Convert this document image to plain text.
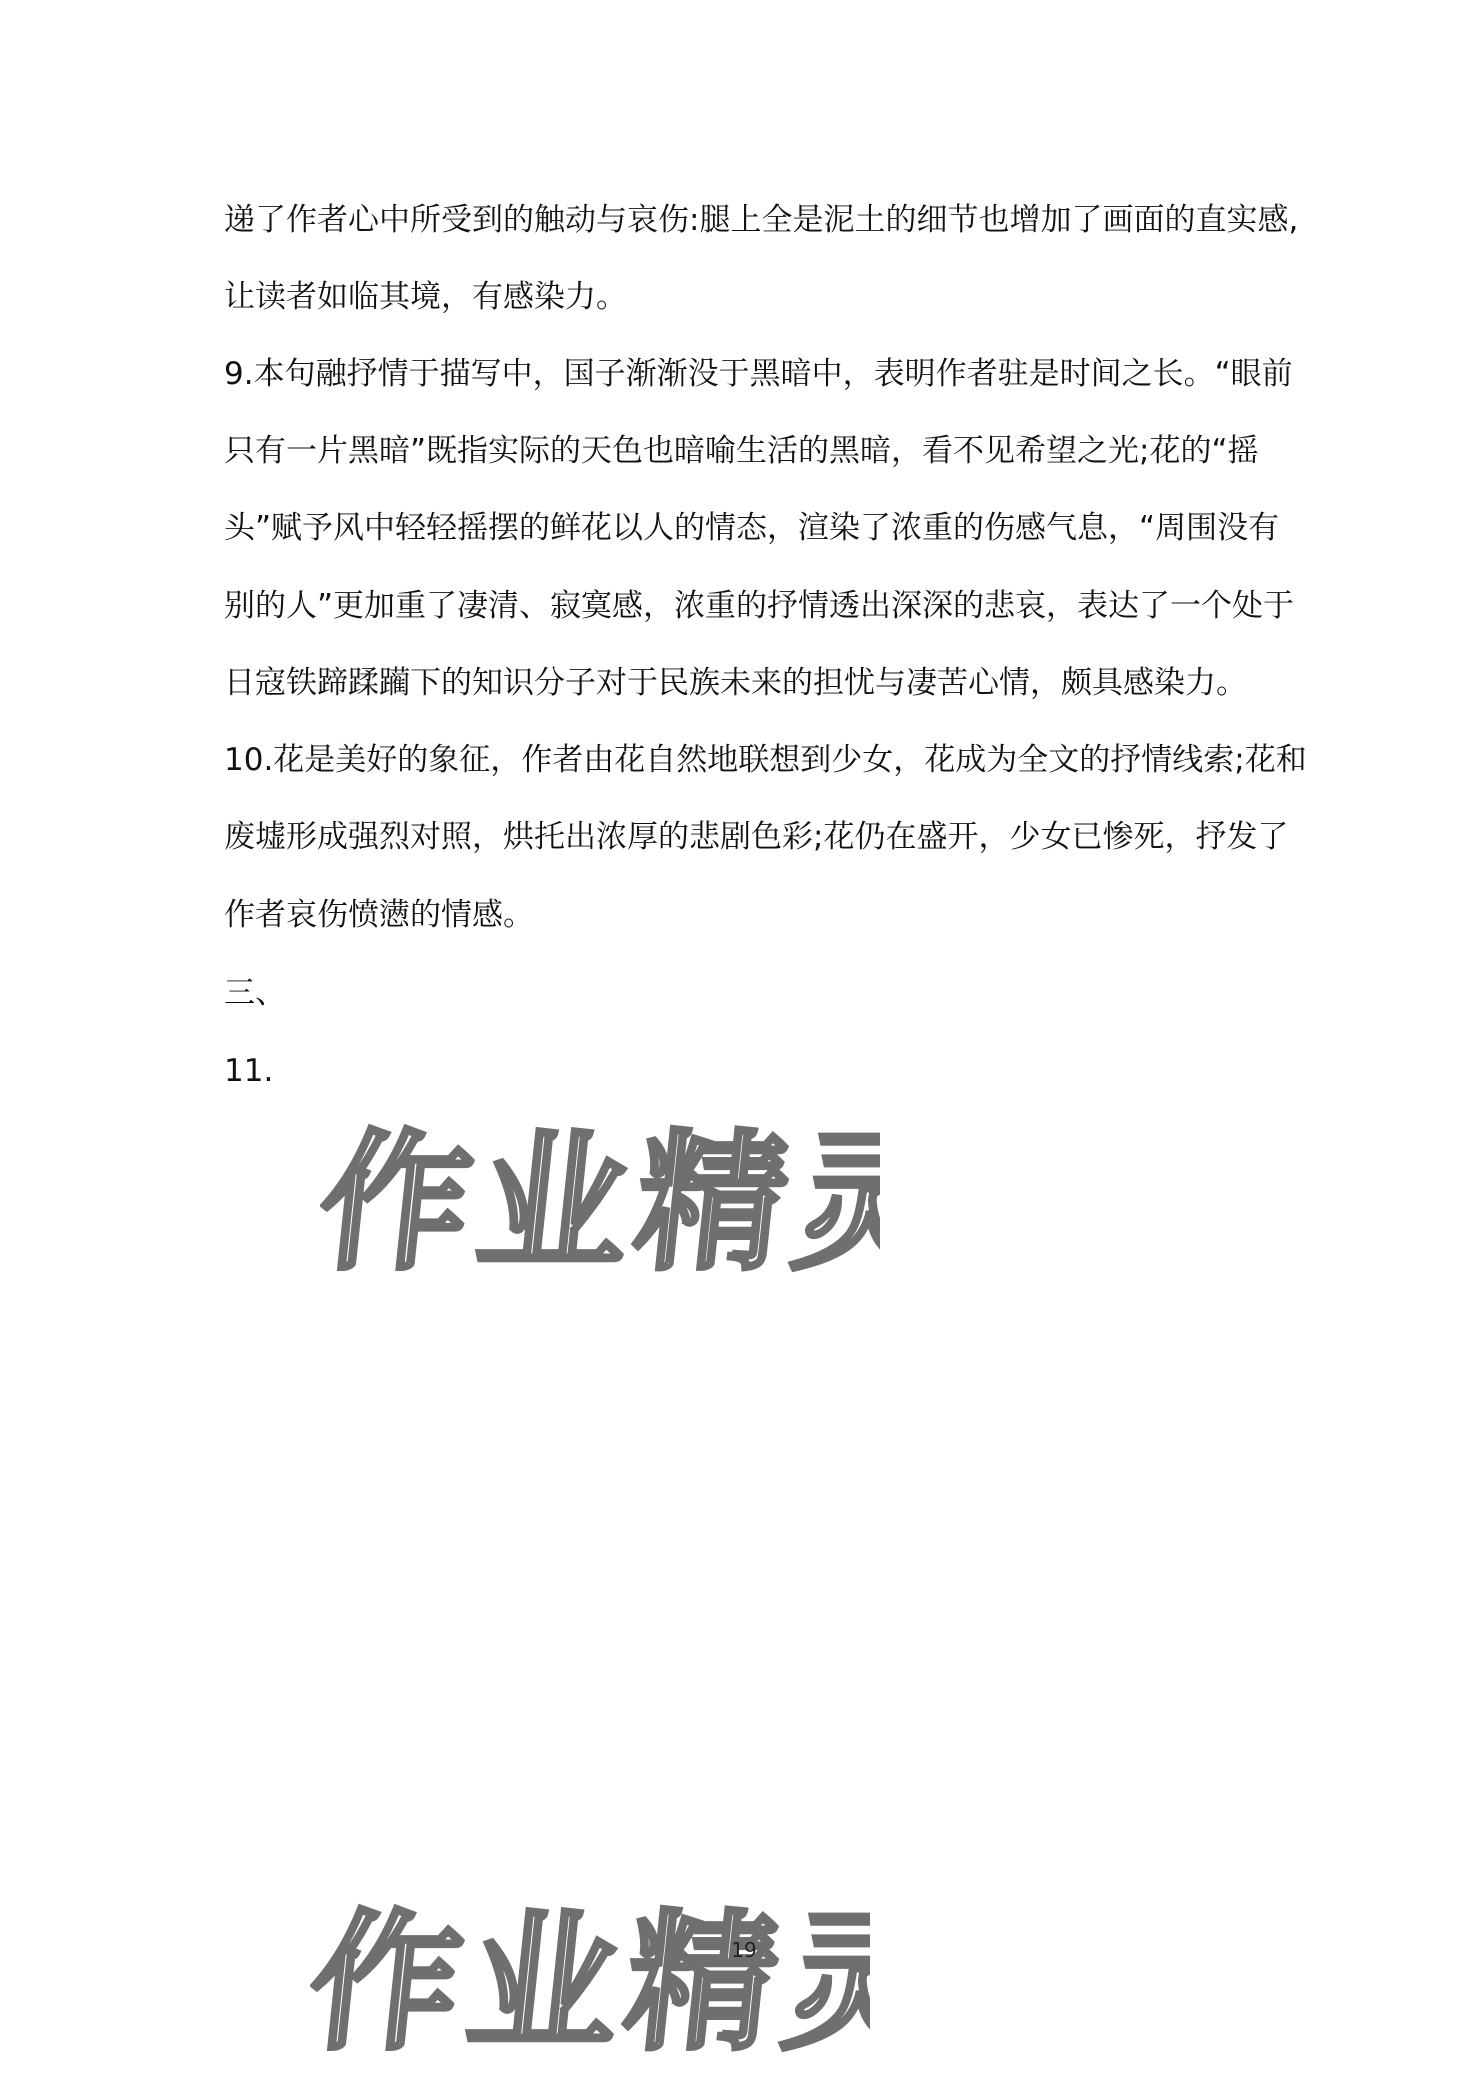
递了作者心中所受到的触动与哀伤:腿上全是泥土的细节也增加了画面的直实感,
让读者如临其境，有感染力。
9.本句融抒情于描写中，国子渐渐没于黑暗中，表明作者驻是时间之长。“眼前
只有一片黑暗”既指实际的天色也暗喻生活的黑暗，看不见希望之光;花的“摇
头”赋予风中轻轻摇摆的鲜花以人的情态，渲染了浓重的伤感气息，“周围没有
别的人”更加重了凄清、寂寞感，浓重的抒情透出深深的悲哀，表达了一个处于
日寇铁蹄蹂躏下的知识分子对于民族未来的担忧与凄苦心情，颇具感染力。
10.花是美好的象征，作者由花自然地联想到少女，花成为全文的抒情线索;花和
废墟形成强烈对照，烘托出浓厚的悲剧色彩;花仍在盛开，少女已惨死，抒发了
作者哀伤愤懑的情感。
三、
11.
作业精灵
作业精灵
19
